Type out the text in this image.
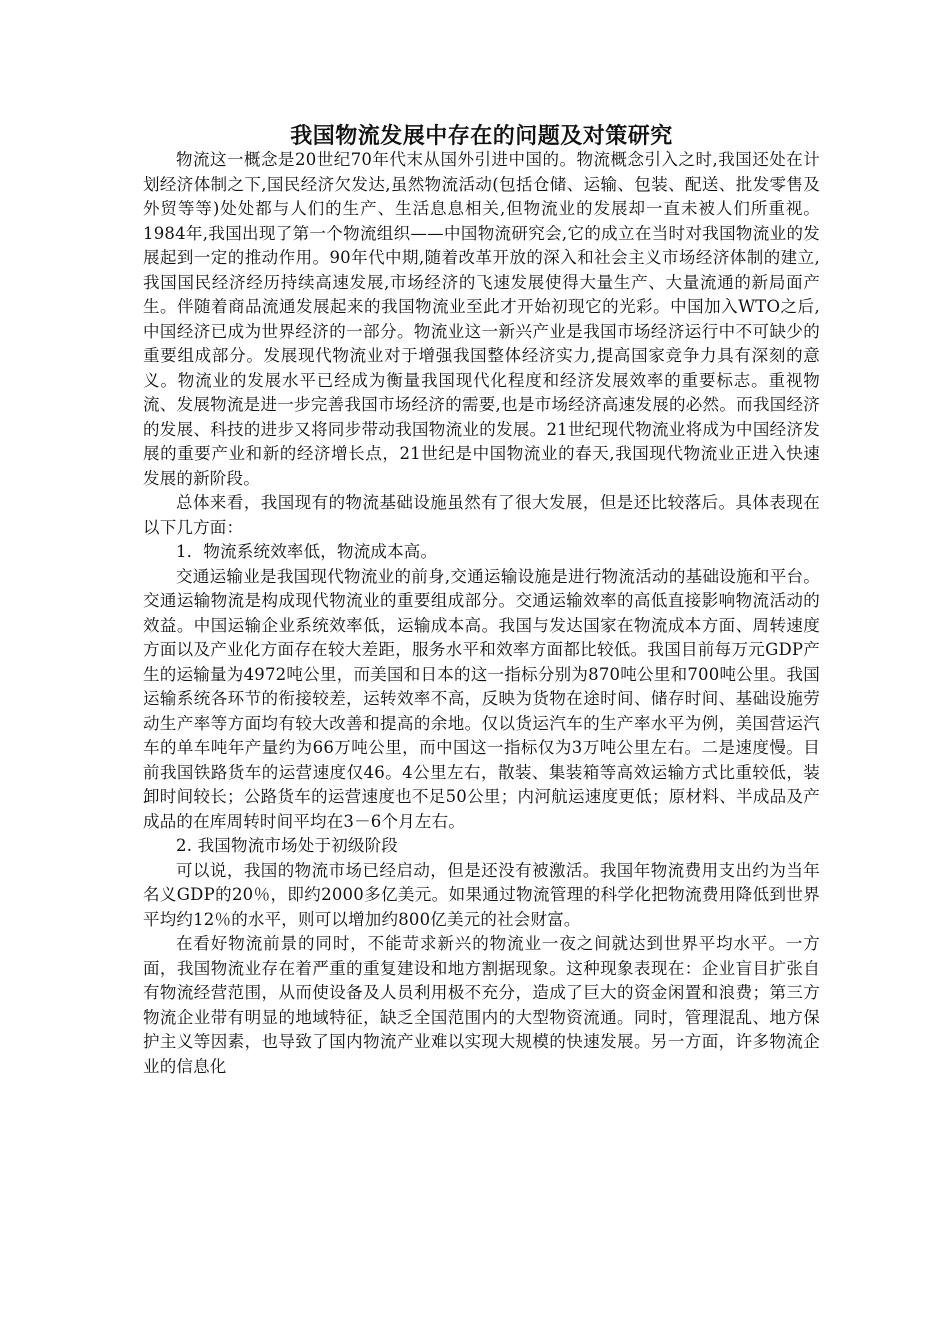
我国物流发展中存在的问题及对策研究

物流这一概念是20世纪70年代末从国外引进中国的。物流概念引入之时,我国还处在计划经济体制之下,国民经济欠发达,虽然物流活动(包括仓储、运输、包装、配送、批发零售及外贸等等)处处都与人们的生产、生活息息相关,但物流业的发展却一直未被人们所重视。1984年,我国出现了第一个物流组织——中国物流研究会,它的成立在当时对我国物流业的发展起到一定的推动作用。90年代中期,随着改革开放的深入和社会主义市场经济体制的建立,我国国民经济经历持续高速发展,市场经济的飞速发展使得大量生产、大量流通的新局面产生。伴随着商品流通发展起来的我国物流业至此才开始初现它的光彩。中国加入WTO之后,中国经济已成为世界经济的一部分。物流业这一新兴产业是我国市场经济运行中不可缺少的重要组成部分。发展现代物流业对于增强我国整体经济实力,提高国家竞争力具有深刻的意义。物流业的发展水平已经成为衡量我国现代化程度和经济发展效率的重要标志。重视物流、发展物流是进一步完善我国市场经济的需要,也是市场经济高速发展的必然。而我国经济的发展、科技的进步又将同步带动我国物流业的发展。21世纪现代物流业将成为中国经济发展的重要产业和新的经济增长点，21世纪是中国物流业的春天,我国现代物流业正进入快速发展的新阶段。

总体来看，我国现有的物流基础设施虽然有了很大发展，但是还比较落后。具体表现在以下几方面：

1．物流系统效率低，物流成本高。

交通运输业是我国现代物流业的前身,交通运输设施是进行物流活动的基础设施和平台。交通运输物流是构成现代物流业的重要组成部分。交通运输效率的高低直接影响物流活动的效益。中国运输企业系统效率低，运输成本高。我国与发达国家在物流成本方面、周转速度方面以及产业化方面存在较大差距，服务水平和效率方面都比较低。我国目前每万元GDP产生的运输量为4972吨公里，而美国和日本的这一指标分别为870吨公里和700吨公里。我国运输系统各环节的衔接较差，运转效率不高，反映为货物在途时间、储存时间、基础设施劳动生产率等方面均有较大改善和提高的余地。仅以货运汽车的生产率水平为例，美国营运汽车的单车吨年产量约为66万吨公里，而中国这一指标仅为3万吨公里左右。二是速度慢。目前我国铁路货车的运营速度仅46。4公里左右，散装、集装箱等高效运输方式比重较低，装卸时间较长；公路货车的运营速度也不足50公里；内河航运速度更低；原材料、半成品及产成品的在库周转时间平均在3－6个月左右。

2. 我国物流市场处于初级阶段

可以说，我国的物流市场已经启动，但是还没有被激活。我国年物流费用支出约为当年名义GDP的20％，即约2000多亿美元。如果通过物流管理的科学化把物流费用降低到世界平均约12％的水平，则可以增加约800亿美元的社会财富。

在看好物流前景的同时，不能苛求新兴的物流业一夜之间就达到世界平均水平。一方面，我国物流业存在着严重的重复建设和地方割据现象。这种现象表现在：企业盲目扩张自有物流经营范围，从而使设备及人员利用极不充分，造成了巨大的资金闲置和浪费；第三方物流企业带有明显的地域特征，缺乏全国范围内的大型物资流通。同时，管理混乱、地方保护主义等因素，也导致了国内物流产业难以实现大规模的快速发展。另一方面，许多物流企业的信息化
